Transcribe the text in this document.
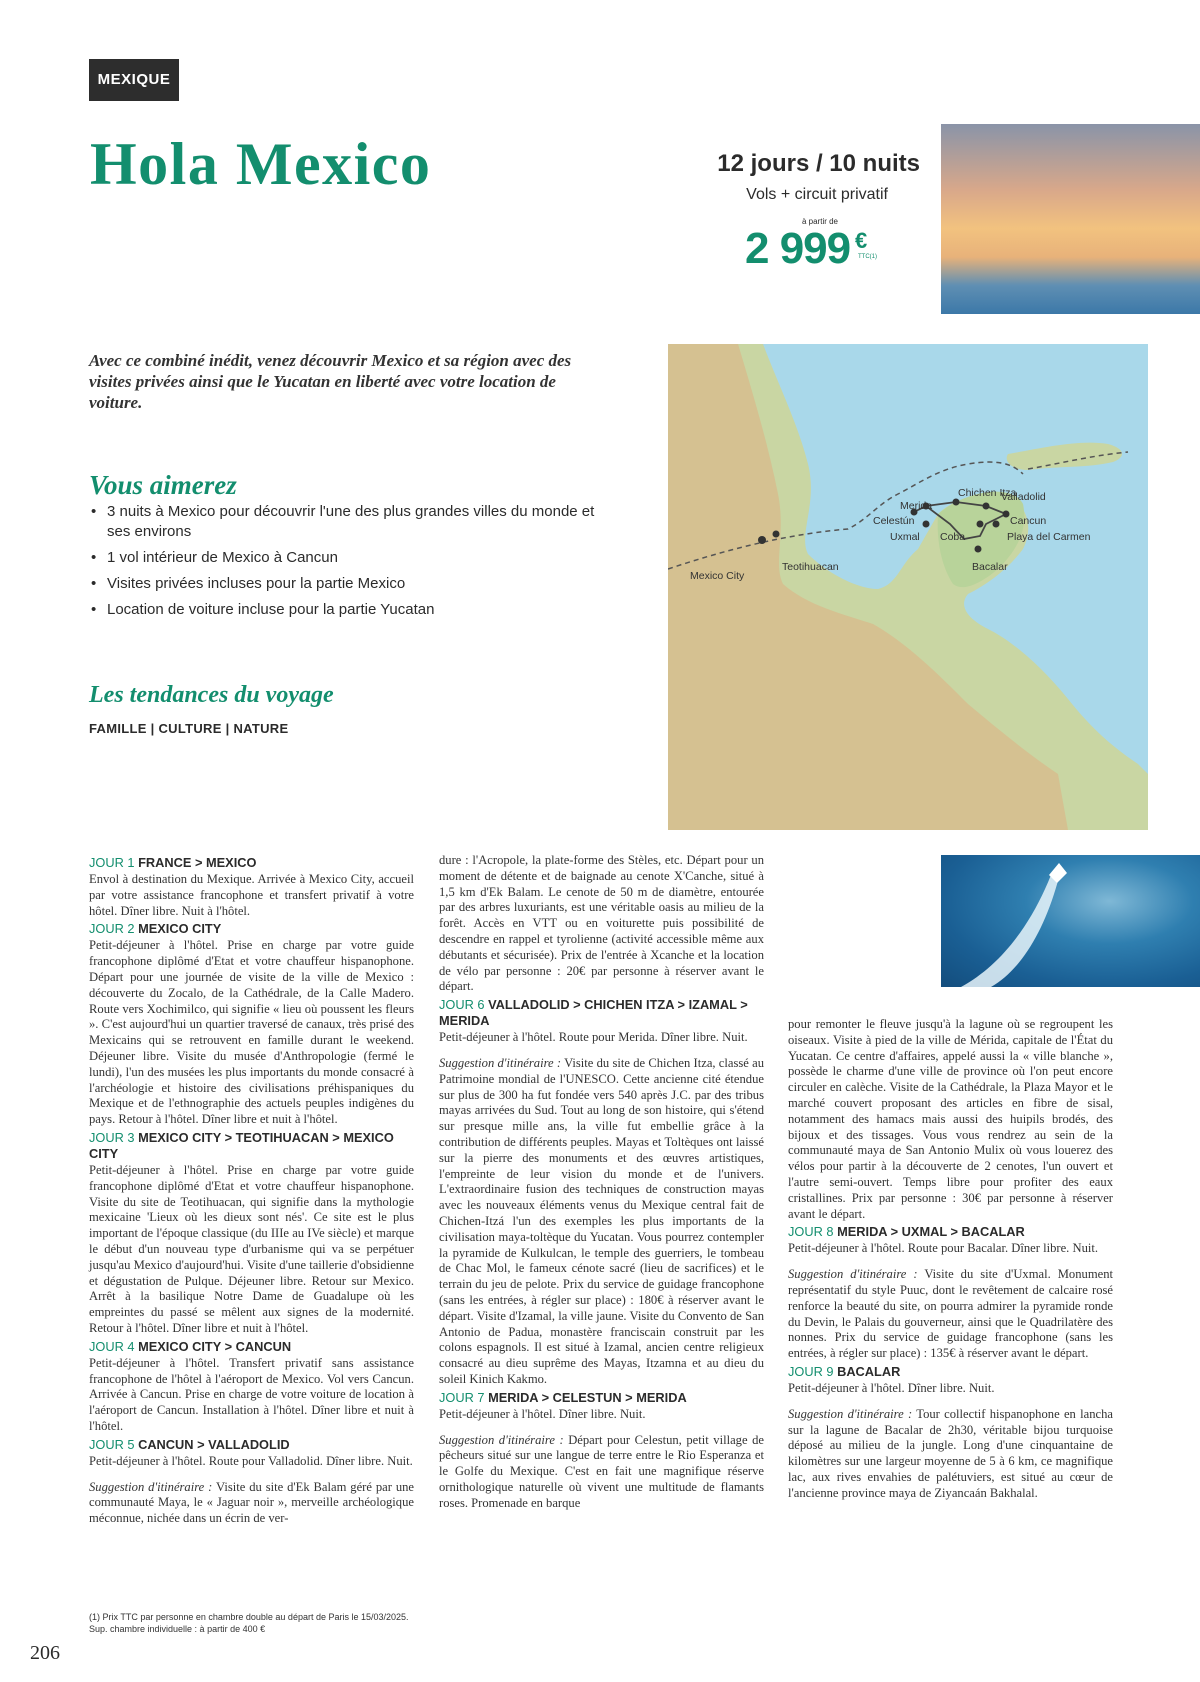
MEXIQUE
Hola Mexico	12 jours / 10 nuits
Vols + circuit privatif
à partir de
2 999 €
TTC(1)
Avec ce combiné inédit, venez découvrir Mexico et sa région avec des visites privées ainsi que le Yucatan en liberté avec votre location de voiture.
Vous aimerez
• 3 nuits à Mexico pour découvrir l'une des plus grandes villes du monde et ses environs
• 1 vol intérieur de Mexico à Cancun
• Visites privées incluses pour la partie Mexico
• Location de voiture incluse pour la partie Yucatan
Les tendances du voyage
FAMILLE | CULTURE | NATURE
Mexico City
Teotihuacan
Chichen Itza
Valladolid
Merida
Celestún	Cancun
Uxmal Coba	Playa del Carmen
Bacalar
JOUR 1 FRANCE > MEXICO

Envol à destination du Mexique. Arrivée à Mexico City, accueil par votre assistance francophone et transfert privatif à votre hôtel. Dîner libre. Nuit à l'hôtel.

JOUR 2 MEXICO CITY

Petit-déjeuner à l'hôtel. Prise en charge par votre guide francophone diplômé d'Etat et votre chauffeur hispanophone. Départ pour une journée de visite de la ville de Mexico : découverte du Zocalo, de la Cathédrale, de la Calle Madero. Route vers Xochimilco, qui signifie « lieu où poussent les fleurs ». C'est aujourd'hui un quartier traversé de canaux, très prisé des Mexicains qui se retrouvent en famille durant le weekend. Déjeuner libre. Visite du musée d'Anthropologie (fermé le lundi), l'un des musées les plus importants du monde consacré à l'archéologie et histoire des civilisations préhispaniques du Mexique et de l'ethnographie des actuels peuples indigènes du pays. Retour à l'hôtel. Dîner libre et nuit à l'hôtel.

JOUR 3 MEXICO CITY > TEOTIHUACAN > MEXICO CITY

Petit-déjeuner à l'hôtel. Prise en charge par votre guide francophone diplômé d'Etat et votre chauffeur hispanophone. Visite du site de Teotihuacan, qui signifie dans la mythologie mexicaine 'Lieux où les dieux sont nés'. Ce site est le plus important de l'époque classique (du IIIe au IVe siècle) et marque le début d'un nouveau type d'urbanisme qui va se perpétuer jusqu'au Mexico d'aujourd'hui. Visite d'une taillerie d'obsidienne et dégustation de Pulque. Déjeuner libre. Retour sur Mexico. Arrêt à la basilique Notre Dame de Guadalupe où les empreintes du passé se mêlent aux signes de la modernité. Retour à l'hôtel. Dîner libre et nuit à l'hôtel.

JOUR 4 MEXICO CITY > CANCUN

Petit-déjeuner à l'hôtel. Transfert privatif sans assistance francophone de l'hôtel à l'aéroport de Mexico. Vol vers Cancun. Arrivée à Cancun. Prise en charge de votre voiture de location à l'aéroport de Cancun. Installation à l'hôtel. Dîner libre et nuit à l'hôtel.

JOUR 5 CANCUN > VALLADOLID

Petit-déjeuner à l'hôtel. Route pour Valladolid. Dîner libre. Nuit.

Suggestion d'itinéraire : Visite du site d'Ek Balam géré par une communauté Maya, le « Jaguar noir », merveille archéologique méconnue, nichée dans un écrin de ver-

dure : l'Acropole, la plate-forme des Stèles, etc. Départ pour un moment de détente et de baignade au cenote X'Canche, situé à 1,5 km d'Ek Balam. Le cenote de 50 m de diamètre, entourée par des arbres luxuriants, est une véritable oasis au milieu de la forêt. Accès en VTT ou en voiturette puis possibilité de descendre en rappel et tyrolienne (activité accessible même aux débutants et sécurisée). Prix de l'entrée à Xcanche et la location de vélo par personne : 20€ par personne à réserver avant le départ.

JOUR 6 VALLADOLID > CHICHEN ITZA > IZAMAL > MERIDA

Petit-déjeuner à l'hôtel. Route pour Merida. Dîner libre. Nuit.

Suggestion d'itinéraire : Visite du site de Chichen Itza, classé au Patrimoine mondial de l'UNESCO. Cette ancienne cité étendue sur plus de 300 ha fut fondée vers 540 après J.C. par des tribus mayas arrivées du Sud. Tout au long de son histoire, qui s'étend sur presque mille ans, la ville fut embellie grâce à la contribution de différents peuples. Mayas et Toltèques ont laissé sur la pierre des monuments et des œuvres artistiques, l'empreinte de leur vision du monde et de l'univers. L'extraordinaire fusion des techniques de construction mayas avec les nouveaux éléments venus du Mexique central fait de Chichen-Itzá l'un des exemples les plus importants de la civilisation maya-toltèque du Yucatan. Vous pourrez contempler la pyramide de Kulkulcan, le temple des guerriers, le tombeau de Chac Mol, le fameux cénote sacré (lieu de sacrifices) et le terrain du jeu de pelote. Prix du service de guidage francophone (sans les entrées, à régler sur place) : 180€ à réserver avant le départ. Visite d'Izamal, la ville jaune. Visite du Convento de San Antonio de Padua, monastère franciscain construit par les colons espagnols. Il est situé à Izamal, ancien centre religieux consacré au dieu suprême des Mayas, Itzamna et au dieu du soleil Kinich Kakmo.

JOUR 7 MERIDA > CELESTUN > MERIDA

Petit-déjeuner à l'hôtel. Dîner libre. Nuit.

Suggestion d'itinéraire : Départ pour Celestun, petit village de pêcheurs situé sur une langue de terre entre le Rio Esperanza et le Golfe du Mexique. C'est en fait une magnifique réserve ornithologique naturelle où vivent une multitude de flamants roses. Promenade en barque

pour remonter le fleuve jusqu'à la lagune où se regroupent les oiseaux. Visite à pied de la ville de Mérida, capitale de l'État du Yucatan. Ce centre d'affaires, appelé aussi la « ville blanche », possède le charme d'une ville de province où l'on peut encore circuler en calèche. Visite de la Cathédrale, la Plaza Mayor et le marché couvert proposant des articles en fibre de sisal, notamment des hamacs mais aussi des huipils brodés, des bijoux et des tissages. Vous vous rendrez au sein de la communauté maya de San Antonio Mulix où vous louerez des vélos pour partir à la découverte de 2 cenotes, l'un ouvert et l'autre semi-ouvert. Temps libre pour profiter des eaux cristallines. Prix par personne : 30€ par personne à réserver avant le départ.

JOUR 8 MERIDA > UXMAL > BACALAR

Petit-déjeuner à l'hôtel. Route pour Bacalar. Dîner libre. Nuit.

Suggestion d'itinéraire : Visite du site d'Uxmal. Monument représentatif du style Puuc, dont le revêtement de calcaire rosé renforce la beauté du site, on pourra admirer la pyramide ronde du Devin, le Palais du gouverneur, ainsi que le Quadrilatère des nonnes. Prix du service de guidage francophone (sans les entrées, à régler sur place) : 135€ à réserver avant le départ.

JOUR 9 BACALAR

Petit-déjeuner à l'hôtel. Dîner libre. Nuit.

Suggestion d'itinéraire : Tour collectif hispanophone en lancha sur la lagune de Bacalar de 2h30, véritable bijou turquoise déposé au milieu de la jungle. Long d'une cinquantaine de kilomètres sur une largeur moyenne de 5 à 6 km, ce magnifique lac, aux rives envahies de palétuviers, est situé au cœur de l'ancienne province maya de Ziyancaán Bakhalal.

(1) Prix TTC par personne en chambre double au départ de Paris le 15/03/2025.
Sup. chambre individuelle : à partir de 400 €
206
